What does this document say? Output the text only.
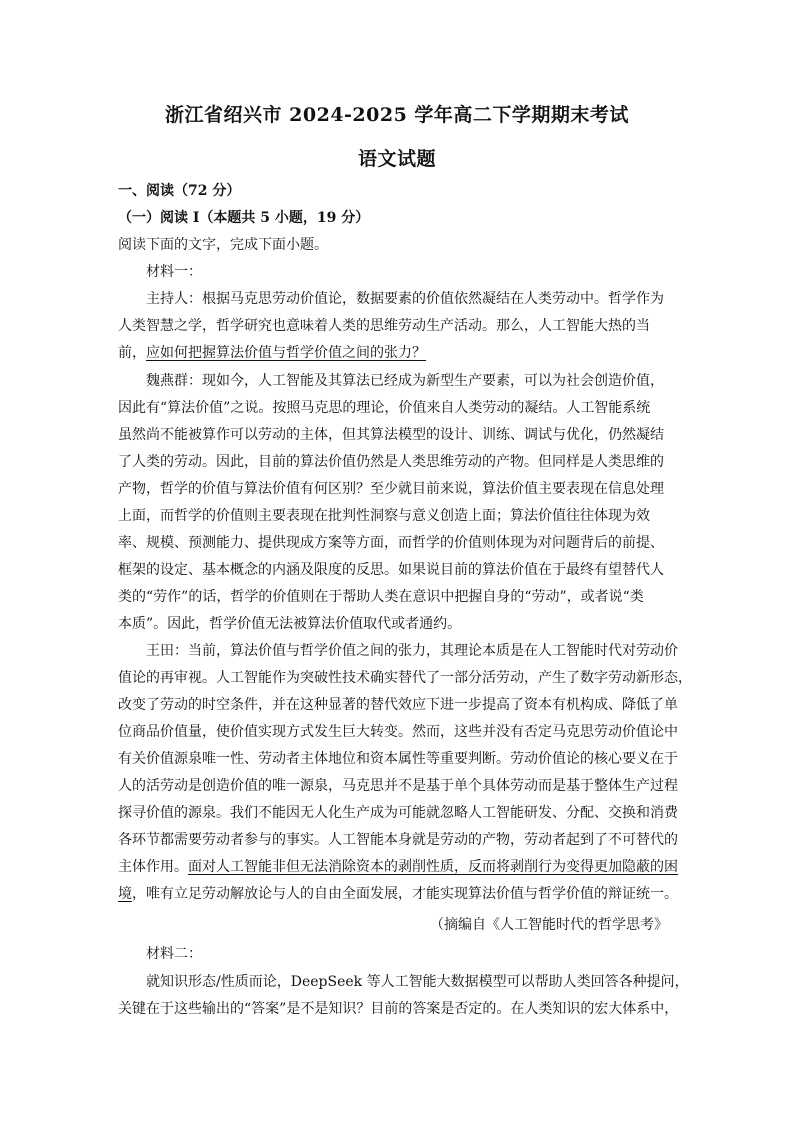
浙江省绍兴市 2024-2025 学年高二下学期期末考试
语文试题
一、阅读（72 分）
（一）阅读 I（本题共 5 小题，19 分）
阅读下面的文字，完成下面小题。
材料一：
主持人：根据马克思劳动价值论，数据要素的价值依然凝结在人类劳动中。哲学作为
人类智慧之学，哲学研究也意味着人类的思维劳动生产活动。那么，人工智能大热的当
前，应如何把握算法价值与哲学价值之间的张力？
魏燕群：现如今，人工智能及其算法已经成为新型生产要素，可以为社会创造价值，
因此有“算法价值”之说。按照马克思的理论，价值来自人类劳动的凝结。人工智能系统
虽然尚不能被算作可以劳动的主体，但其算法模型的设计、训练、调试与优化，仍然凝结
了人类的劳动。因此，目前的算法价值仍然是人类思维劳动的产物。但同样是人类思维的
产物，哲学的价值与算法价值有何区别？至少就目前来说，算法价值主要表现在信息处理
上面，而哲学的价值则主要表现在批判性洞察与意义创造上面；算法价值往往体现为效
率、规模、预测能力、提供现成方案等方面，而哲学的价值则体现为对问题背后的前提、
框架的设定、基本概念的内涵及限度的反思。如果说目前的算法价值在于最终有望替代人
类的“劳作”的话，哲学的价值则在于帮助人类在意识中把握自身的“劳动”，或者说“类
本质”。因此，哲学价值无法被算法价值取代或者通约。
王田：当前，算法价值与哲学价值之间的张力，其理论本质是在人工智能时代对劳动价
值论的再审视。人工智能作为突破性技术确实替代了一部分活劳动，产生了数字劳动新形态，
改变了劳动的时空条件，并在这种显著的替代效应下进一步提高了资本有机构成、降低了单
位商品价值量，使价值实现方式发生巨大转变。然而，这些并没有否定马克思劳动价值论中
有关价值源泉唯一性、劳动者主体地位和资本属性等重要判断。劳动价值论的核心要义在于
人的活劳动是创造价值的唯一源泉，马克思并不是基于单个具体劳动而是基于整体生产过程
探寻价值的源泉。我们不能因无人化生产成为可能就忽略人工智能研发、分配、交换和消费
各环节都需要劳动者参与的事实。人工智能本身就是劳动的产物，劳动者起到了不可替代的
主体作用。面对人工智能非但无法消除资本的剥削性质，反而将剥削行为变得更加隐蔽的困
境，唯有立足劳动解放论与人的自由全面发展，才能实现算法价值与哲学价值的辩证统一。
（摘编自《人工智能时代的哲学思考》
材料二：
就知识形态/性质而论，DeepSeek 等人工智能大数据模型可以帮助人类回答各种提问，
关键在于这些输出的“答案”是不是知识？目前的答案是否定的。在人类知识的宏大体系中，
